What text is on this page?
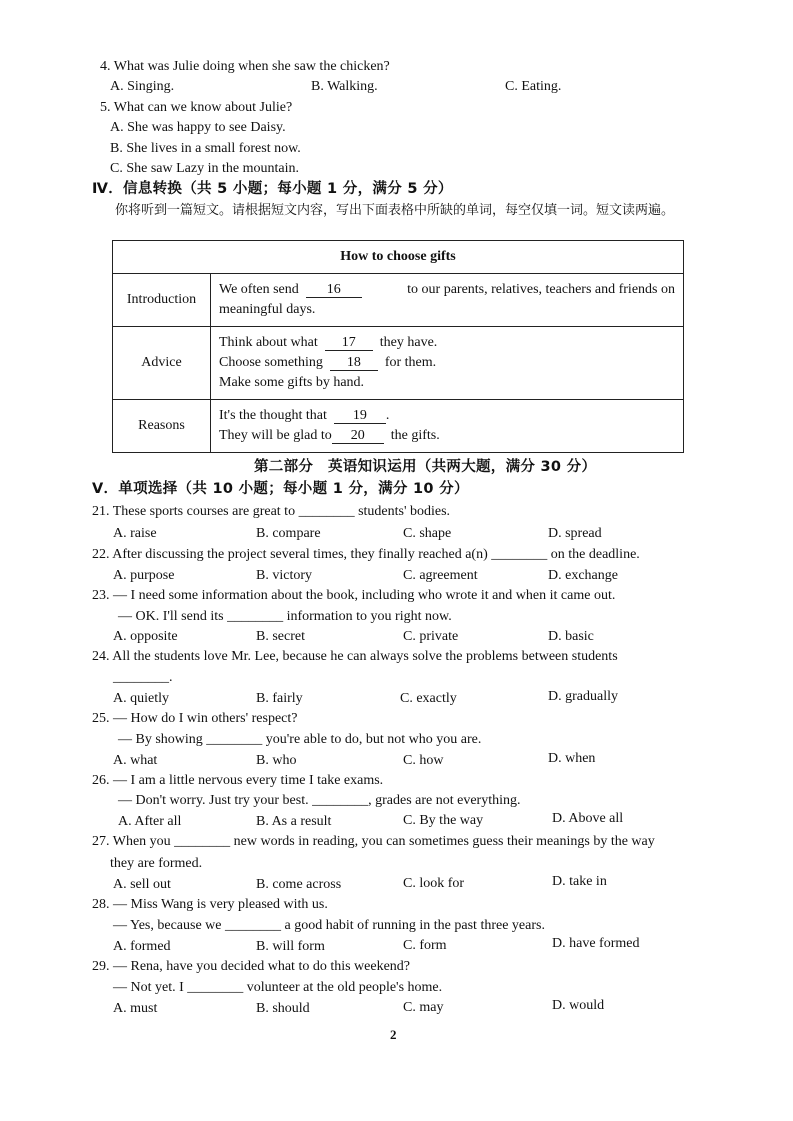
4. What was Julie doing when she saw the chicken?
A. Singing.	B. Walking.	C. Eating.
5. What can we know about Julie?
A. She was happy to see Daisy.
B. She lives in a small forest now.
C. She saw Lazy in the mountain.
Ⅳ．信息转换（共 5 小题；每小题 1 分，满分 5 分）
你将听到一篇短文。请根据短文内容，写出下面表格中所缺的单词，每空仅填一词。短文读两遍。
How to choose gifts	
Introduction	We often send 16 to our parents, relatives, teachers and friends on
meaningful days.

Advice	Think about what 17 they have.
Choose something 18 for them.
Make some gifts by hand.

Reasons	It's the thought that 19 .
They will be glad to 20 the gifts.
第二部分　英语知识运用（共两大题，满分 30 分）
Ⅴ．单项选择（共 10 小题；每小题 1 分，满分 10 分）
21. These sports courses are great to ________ students' bodies.
A. raise	B. compare	C. shape	D. spread
22. After discussing the project several times, they finally reached a(n) ________ on the deadline.
A. purpose	B. victory	C. agreement	D. exchange
23. — I need some information about the book, including who wrote it and when it came out.
— OK. I'll send its ________ information to you right now.
A. opposite	B. secret	C. private	D. basic
24. All the students love Mr. Lee, because he can always solve the problems between students
________.
A. quietly	B. fairly	C. exactly	D. gradually
25. — How do I win others' respect?
— By showing ________ you're able to do, but not who you are.
A. what	B. who	C. how	D. when
26. — I am a little nervous every time I take exams.
— Don't worry. Just try your best. ________, grades are not everything.
A. After all	B. As a result	C. By the way	D. Above all
27. When you ________ new words in reading, you can sometimes guess their meanings by the way
they are formed.
A. sell out	B. come across	C. look for	D. take in
28. — Miss Wang is very pleased with us.
— Yes, because we ________ a good habit of running in the past three years.
A. formed	B. will form	C. form	D. have formed
29. — Rena, have you decided what to do this weekend?
— Not yet. I ________ volunteer at the old people's home.
A. must	B. should	C. may	D. would
2
